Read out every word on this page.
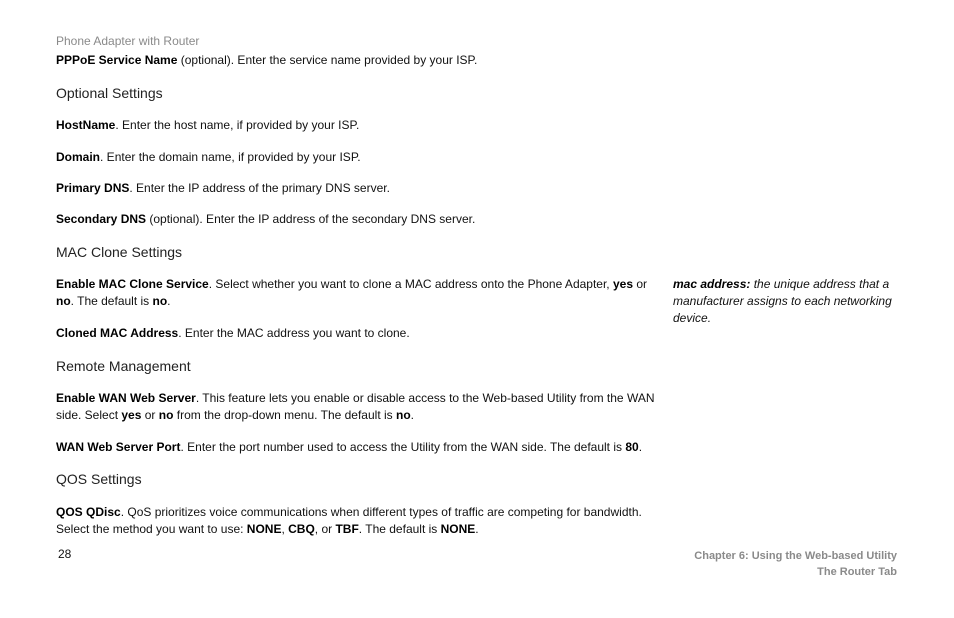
Phone Adapter with Router

PPPoE Service Name (optional). Enter the service name provided by your ISP.

Optional Settings

HostName. Enter the host name, if provided by your ISP.

Domain. Enter the domain name, if provided by your ISP.

Primary DNS. Enter the IP address of the primary DNS server.

Secondary DNS (optional). Enter the IP address of the secondary DNS server.

MAC Clone Settings

Enable MAC Clone Service. Select whether you want to clone a MAC address onto the Phone Adapter, yes or no. The default is no.

Cloned MAC Address. Enter the MAC address you want to clone.

Remote Management

Enable WAN Web Server. This feature lets you enable or disable access to the Web-based Utility from the WAN side. Select yes or no from the drop-down menu. The default is no.

WAN Web Server Port. Enter the port number used to access the Utility from the WAN side. The default is 80.

QOS Settings

QOS QDisc. QoS prioritizes voice communications when different types of traffic are competing for bandwidth. Select the method you want to use: NONE, CBQ, or TBF. The default is NONE.

mac address: the unique address that a manufacturer assigns to each networking device.
28	Chapter 6: Using the Web-based Utility
The Router Tab
